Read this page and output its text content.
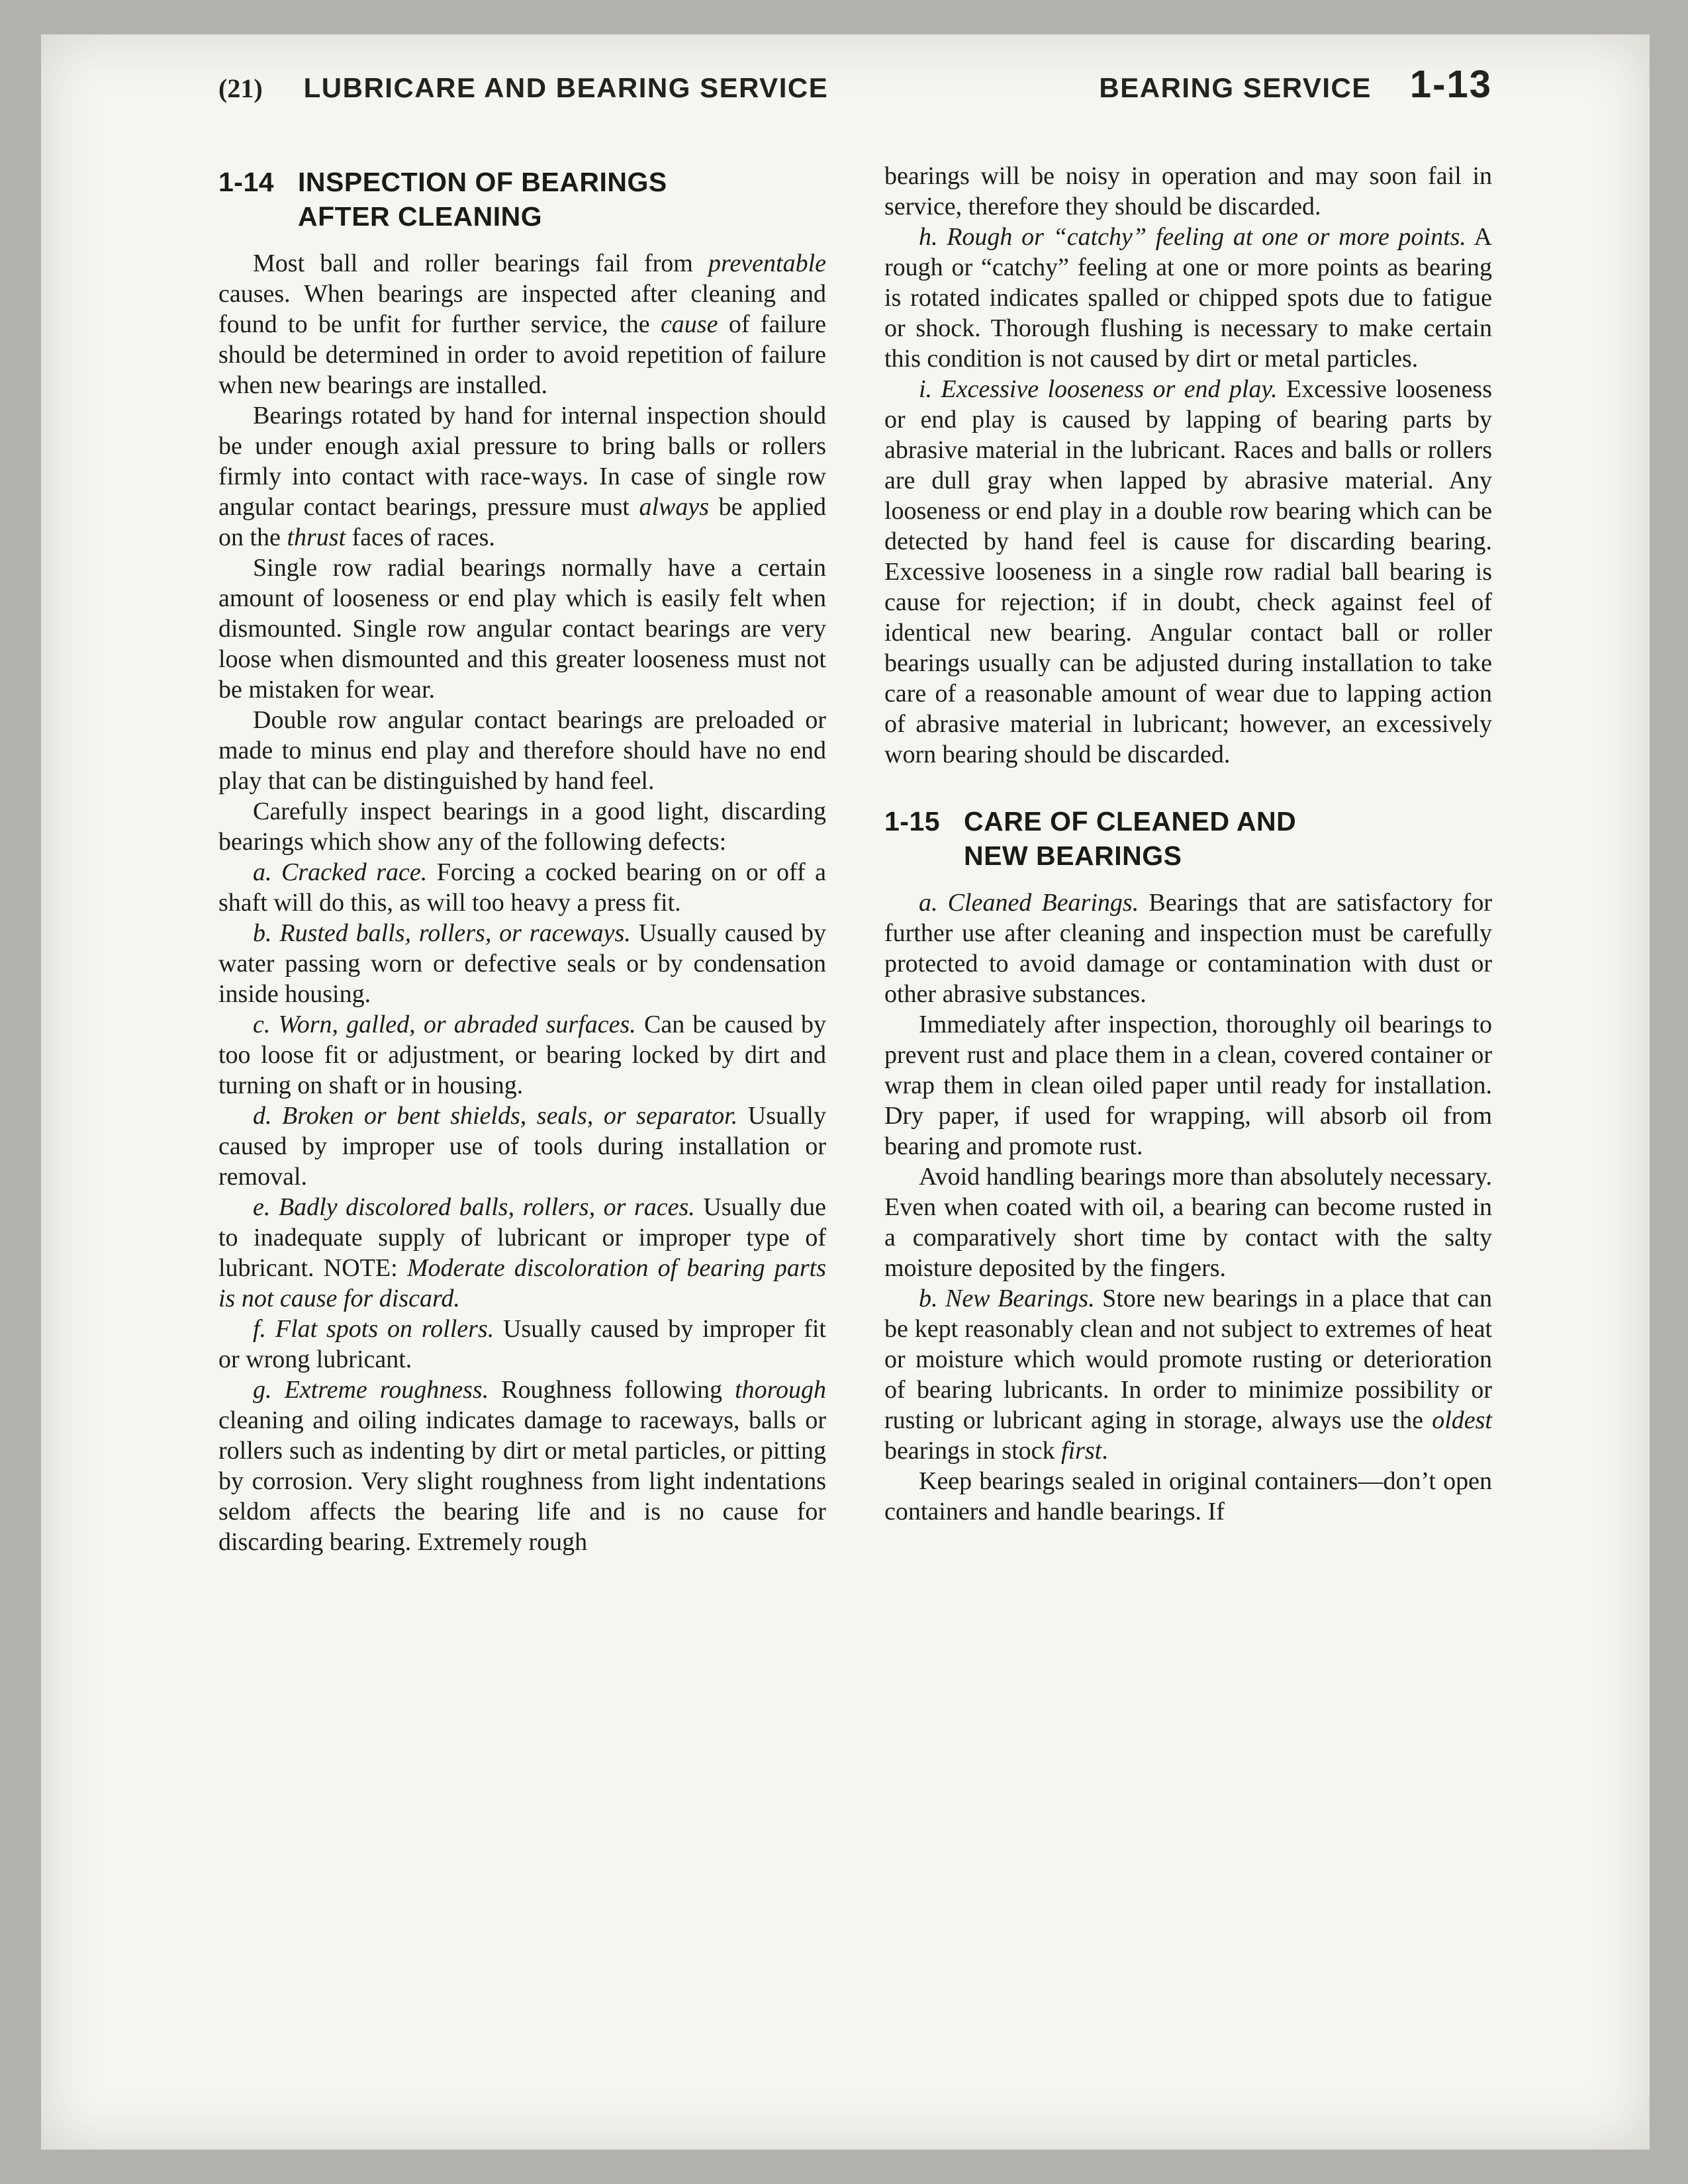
(21) LUBRICARE AND BEARING SERVICE	BEARING SERVICE 1-13
1-14 INSPECTION OF BEARINGS
AFTER CLEANING

Most ball and roller bearings fail from preventable causes. When bearings are inspected after cleaning and found to be unfit for further service, the cause of failure should be determined in order to avoid repetition of failure when new bearings are installed.

Bearings rotated by hand for internal inspection should be under enough axial pressure to bring balls or rollers firmly into contact with race-ways. In case of single row angular contact bearings, pressure must always be applied on the thrust faces of races.

Single row radial bearings normally have a certain amount of looseness or end play which is easily felt when dismounted. Single row angular contact bearings are very loose when dismounted and this greater looseness must not be mistaken for wear.

Double row angular contact bearings are preloaded or made to minus end play and therefore should have no end play that can be distinguished by hand feel.

Carefully inspect bearings in a good light, discarding bearings which show any of the following defects:

a. Cracked race. Forcing a cocked bearing on or off a shaft will do this, as will too heavy a press fit.

b. Rusted balls, rollers, or raceways. Usually caused by water passing worn or defective seals or by condensation inside housing.

c. Worn, galled, or abraded surfaces. Can be caused by too loose fit or adjustment, or bearing locked by dirt and turning on shaft or in housing.

d. Broken or bent shields, seals, or separator. Usually caused by improper use of tools during installation or removal.

e. Badly discolored balls, rollers, or races. Usually due to inadequate supply of lubricant or improper type of lubricant. NOTE: Moderate discoloration of bearing parts is not cause for discard.

f. Flat spots on rollers. Usually caused by improper fit or wrong lubricant.

g. Extreme roughness. Roughness following thorough cleaning and oiling indicates damage to raceways, balls or rollers such as indenting by dirt or metal particles, or pitting by corrosion. Very slight roughness from light indentations seldom affects the bearing life and is no cause for discarding bearing. Extremely rough

bearings will be noisy in operation and may soon fail in service, therefore they should be discarded.

h. Rough or “catchy” feeling at one or more points. A rough or “catchy” feeling at one or more points as bearing is rotated indicates spalled or chipped spots due to fatigue or shock. Thorough flushing is necessary to make certain this condition is not caused by dirt or metal particles.

i. Excessive looseness or end play. Excessive looseness or end play is caused by lapping of bearing parts by abrasive material in the lubricant. Races and balls or rollers are dull gray when lapped by abrasive material. Any looseness or end play in a double row bearing which can be detected by hand feel is cause for discarding bearing. Excessive looseness in a single row radial ball bearing is cause for rejection; if in doubt, check against feel of identical new bearing. Angular contact ball or roller bearings usually can be adjusted during installation to take care of a reasonable amount of wear due to lapping action of abrasive material in lubricant; however, an excessively worn bearing should be discarded.

1-15 CARE OF CLEANED AND
NEW BEARINGS

a. Cleaned Bearings. Bearings that are satisfactory for further use after cleaning and inspection must be carefully protected to avoid damage or contamination with dust or other abrasive substances.

Immediately after inspection, thoroughly oil bearings to prevent rust and place them in a clean, covered container or wrap them in clean oiled paper until ready for installation. Dry paper, if used for wrapping, will absorb oil from bearing and promote rust.

Avoid handling bearings more than absolutely necessary. Even when coated with oil, a bearing can become rusted in a comparatively short time by contact with the salty moisture deposited by the fingers.

b. New Bearings. Store new bearings in a place that can be kept reasonably clean and not subject to extremes of heat or moisture which would promote rusting or deterioration of bearing lubricants. In order to minimize possibility or rusting or lubricant aging in storage, always use the oldest bearings in stock first.

Keep bearings sealed in original containers—don’t open containers and handle bearings. If
